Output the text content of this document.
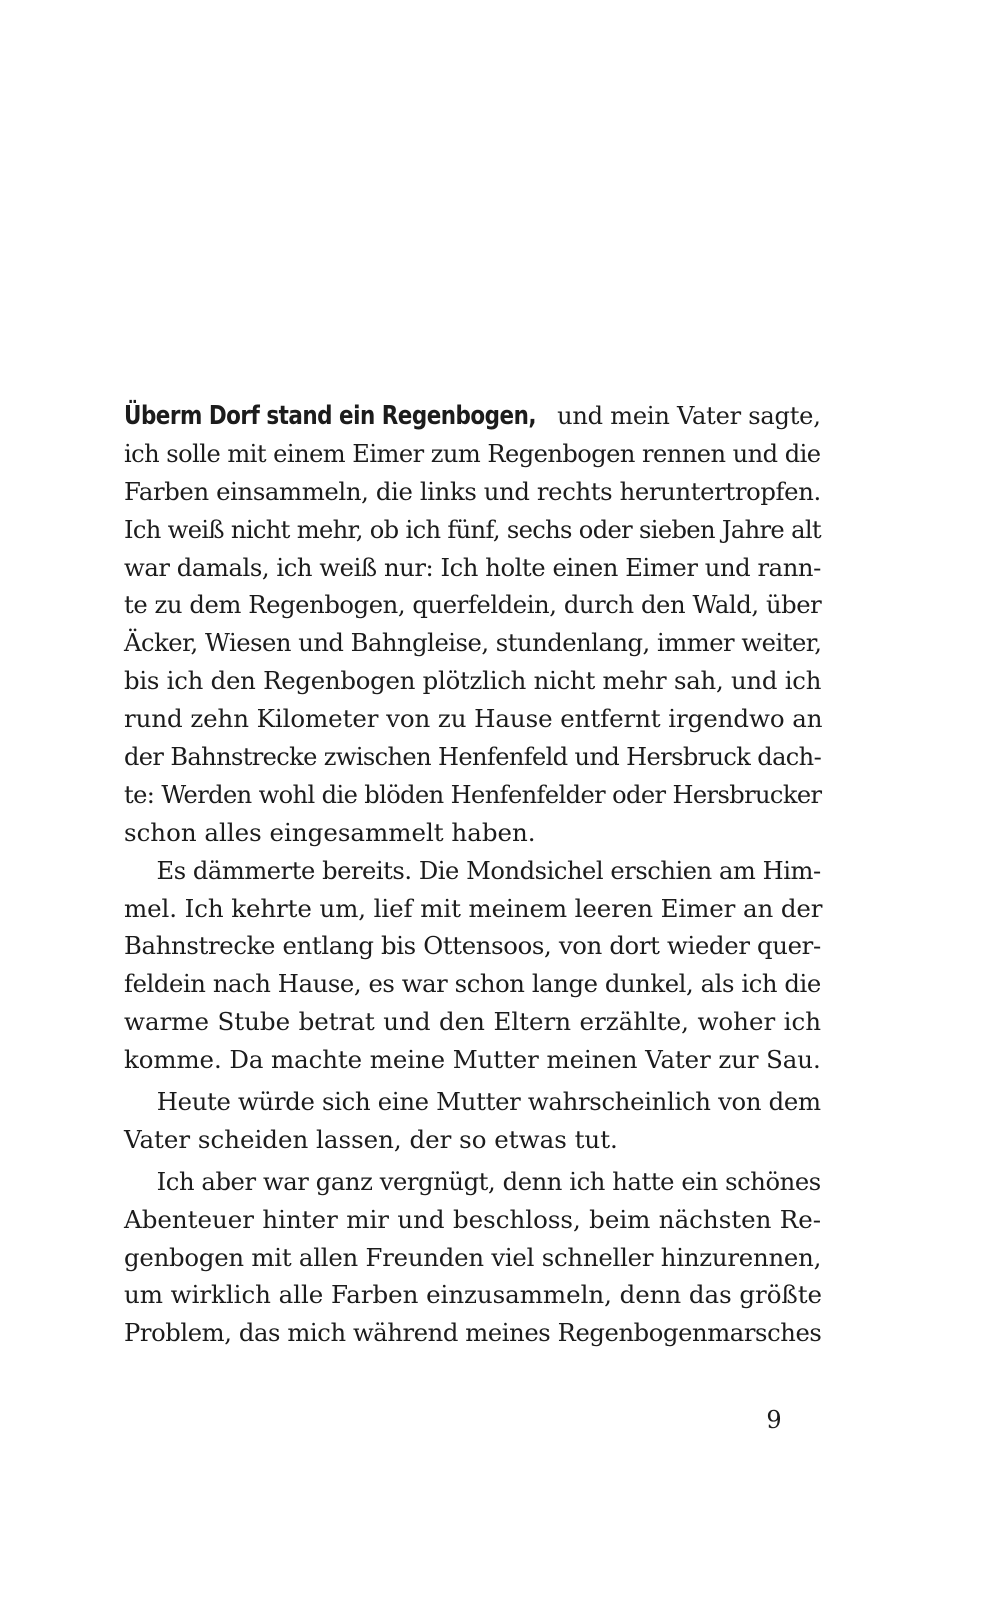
Überm Dorf stand ein Regenbogen, und mein Vater sagte,
ich solle mit einem Eimer zum Regenbogen rennen und die
Farben einsammeln, die links und rechts heruntertropfen.
Ich weiß nicht mehr, ob ich fünf, sechs oder sieben Jahre alt
war damals, ich weiß nur: Ich holte einen Eimer und rann-
te zu dem Regenbogen, querfeldein, durch den Wald, über
Äcker, Wiesen und Bahngleise, stundenlang, immer weiter,
bis ich den Regenbogen plötzlich nicht mehr sah, und ich
rund zehn Kilometer von zu Hause entfernt irgendwo an
der Bahnstrecke zwischen Henfenfeld und Hersbruck dach-
te: Werden wohl die blöden Henfenfelder oder Hersbrucker
schon alles eingesammelt haben.
Es dämmerte bereits. Die Mondsichel erschien am Him-
mel. Ich kehrte um, lief mit meinem leeren Eimer an der
Bahnstrecke entlang bis Ottensoos, von dort wieder quer-
feldein nach Hause, es war schon lange dunkel, als ich die
warme Stube betrat und den Eltern erzählte, woher ich
komme. Da machte meine Mutter meinen Vater zur Sau.
Heute würde sich eine Mutter wahrscheinlich von dem
Vater scheiden lassen, der so etwas tut.
Ich aber war ganz vergnügt, denn ich hatte ein schönes
Abenteuer hinter mir und beschloss, beim nächsten Re-
genbogen mit allen Freunden viel schneller hinzurennen,
um wirklich alle Farben einzusammeln, denn das größte
Problem, das mich während meines Regenbogenmarsches
9
